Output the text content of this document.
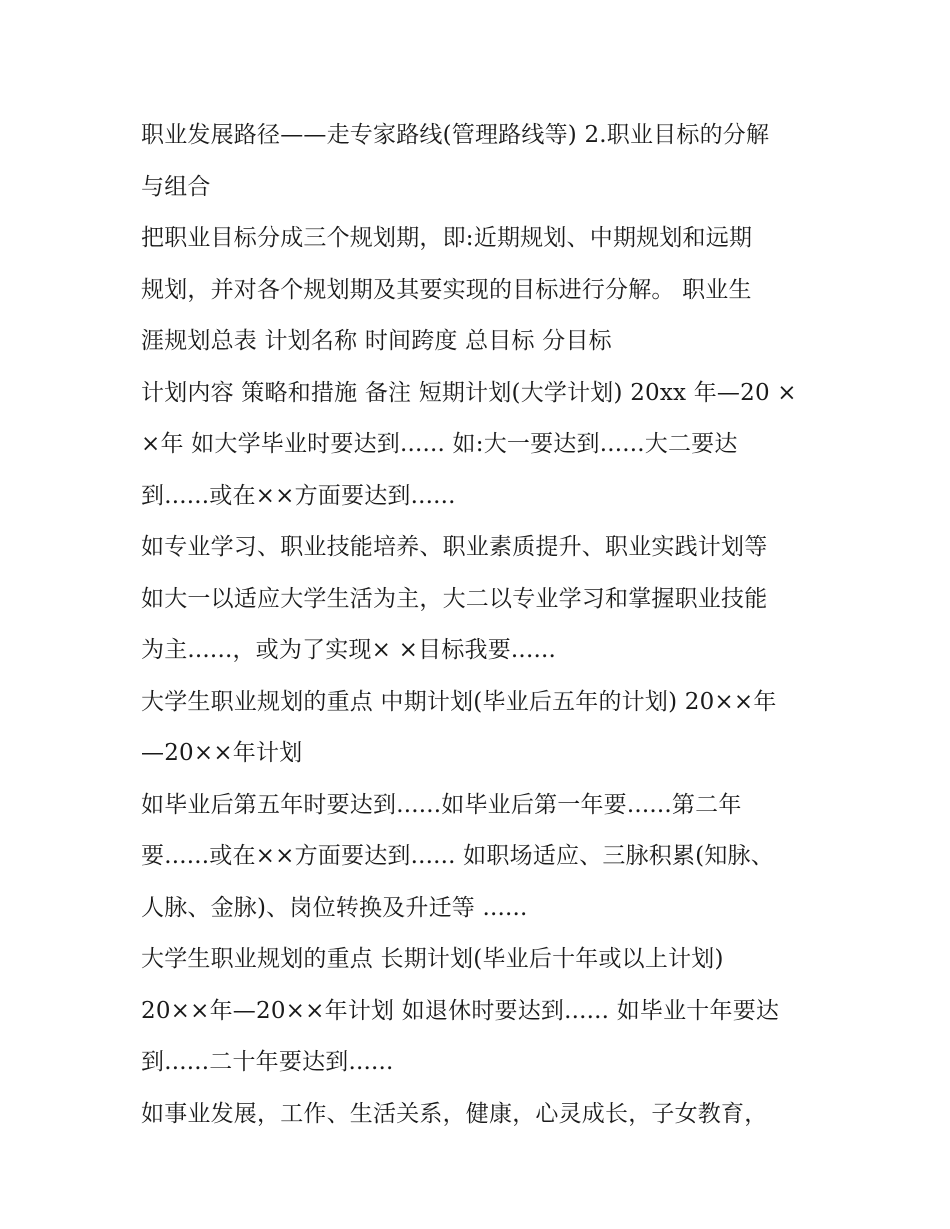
职业发展路径——走专家路线(管理路线等) 2.职业目标的分解
与组合
把职业目标分成三个规划期，即:近期规划、中期规划和远期
规划，并对各个规划期及其要实现的目标进行分解。 职业生
涯规划总表 计划名称 时间跨度 总目标 分目标
计划内容 策略和措施 备注 短期计划(大学计划) 20xx 年—20 ×
×年 如大学毕业时要达到...... 如:大一要达到......大二要达
到......或在××方面要达到......
如专业学习、职业技能培养、职业素质提升、职业实践计划等
如大一以适应大学生活为主，大二以专业学习和掌握职业技能
为主......，或为了实现× ×目标我要......
大学生职业规划的重点 中期计划(毕业后五年的计划) 20××年
—20××年计划
如毕业后第五年时要达到......如毕业后第一年要......第二年
要......或在××方面要达到...... 如职场适应、三脉积累(知脉、
人脉、金脉)、岗位转换及升迁等 ......
大学生职业规划的重点 长期计划(毕业后十年或以上计划)
20××年—20××年计划 如退休时要达到...... 如毕业十年要达
到......二十年要达到......
如事业发展，工作、生活关系，健康，心灵成长，子女教育，
